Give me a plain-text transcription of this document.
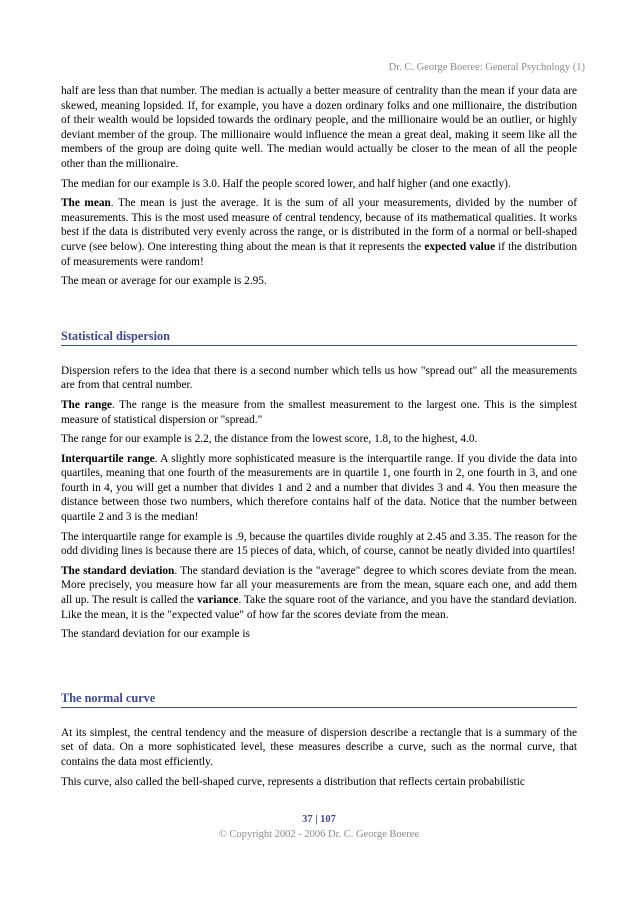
Dr. C. George Boeree: General Psychology (1)

half are less than that number. The median is actually a better measure of centrality than the mean if your data are skewed, meaning lopsided. If, for example, you have a dozen ordinary folks and one millionaire, the distribution of their wealth would be lopsided towards the ordinary people, and the millionaire would be an outlier, or highly deviant member of the group. The millionaire would influence the mean a great deal, making it seem like all the members of the group are doing quite well. The median would actually be closer to the mean of all the people other than the millionaire.

The median for our example is 3.0. Half the people scored lower, and half higher (and one exactly).

The mean. The mean is just the average. It is the sum of all your measurements, divided by the number of measurements. This is the most used measure of central tendency, because of its mathematical qualities. It works best if the data is distributed very evenly across the range, or is distributed in the form of a normal or bell-shaped curve (see below). One interesting thing about the mean is that it represents the expected value if the distribution of measurements were random!

The mean or average for our example is 2.95.

Statistical dispersion

Dispersion refers to the idea that there is a second number which tells us how "spread out" all the measurements are from that central number.

The range. The range is the measure from the smallest measurement to the largest one. This is the simplest measure of statistical dispersion or "spread."

The range for our example is 2.2, the distance from the lowest score, 1.8, to the highest, 4.0.

Interquartile range. A slightly more sophisticated measure is the interquartile range. If you divide the data into quartiles, meaning that one fourth of the measurements are in quartile 1, one fourth in 2, one fourth in 3, and one fourth in 4, you will get a number that divides 1 and 2 and a number that divides 3 and 4. You then measure the distance between those two numbers, which therefore contains half of the data. Notice that the number between quartile 2 and 3 is the median!

The interquartile range for example is .9, because the quartiles divide roughly at 2.45 and 3.35. The reason for the odd dividing lines is because there are 15 pieces of data, which, of course, cannot be neatly divided into quartiles!

The standard deviation. The standard deviation is the "average" degree to which scores deviate from the mean. More precisely, you measure how far all your measurements are from the mean, square each one, and add them all up. The result is called the variance. Take the square root of the variance, and you have the standard deviation. Like the mean, it is the "expected value" of how far the scores deviate from the mean.

The standard deviation for our example is

The normal curve

At its simplest, the central tendency and the measure of dispersion describe a rectangle that is a summary of the set of data. On a more sophisticated level, these measures describe a curve, such as the normal curve, that contains the data most efficiently.

This curve, also called the bell-shaped curve, represents a distribution that reflects certain probabilistic

37 | 107
© Copyright 2002 - 2006 Dr. C. George Boeree
